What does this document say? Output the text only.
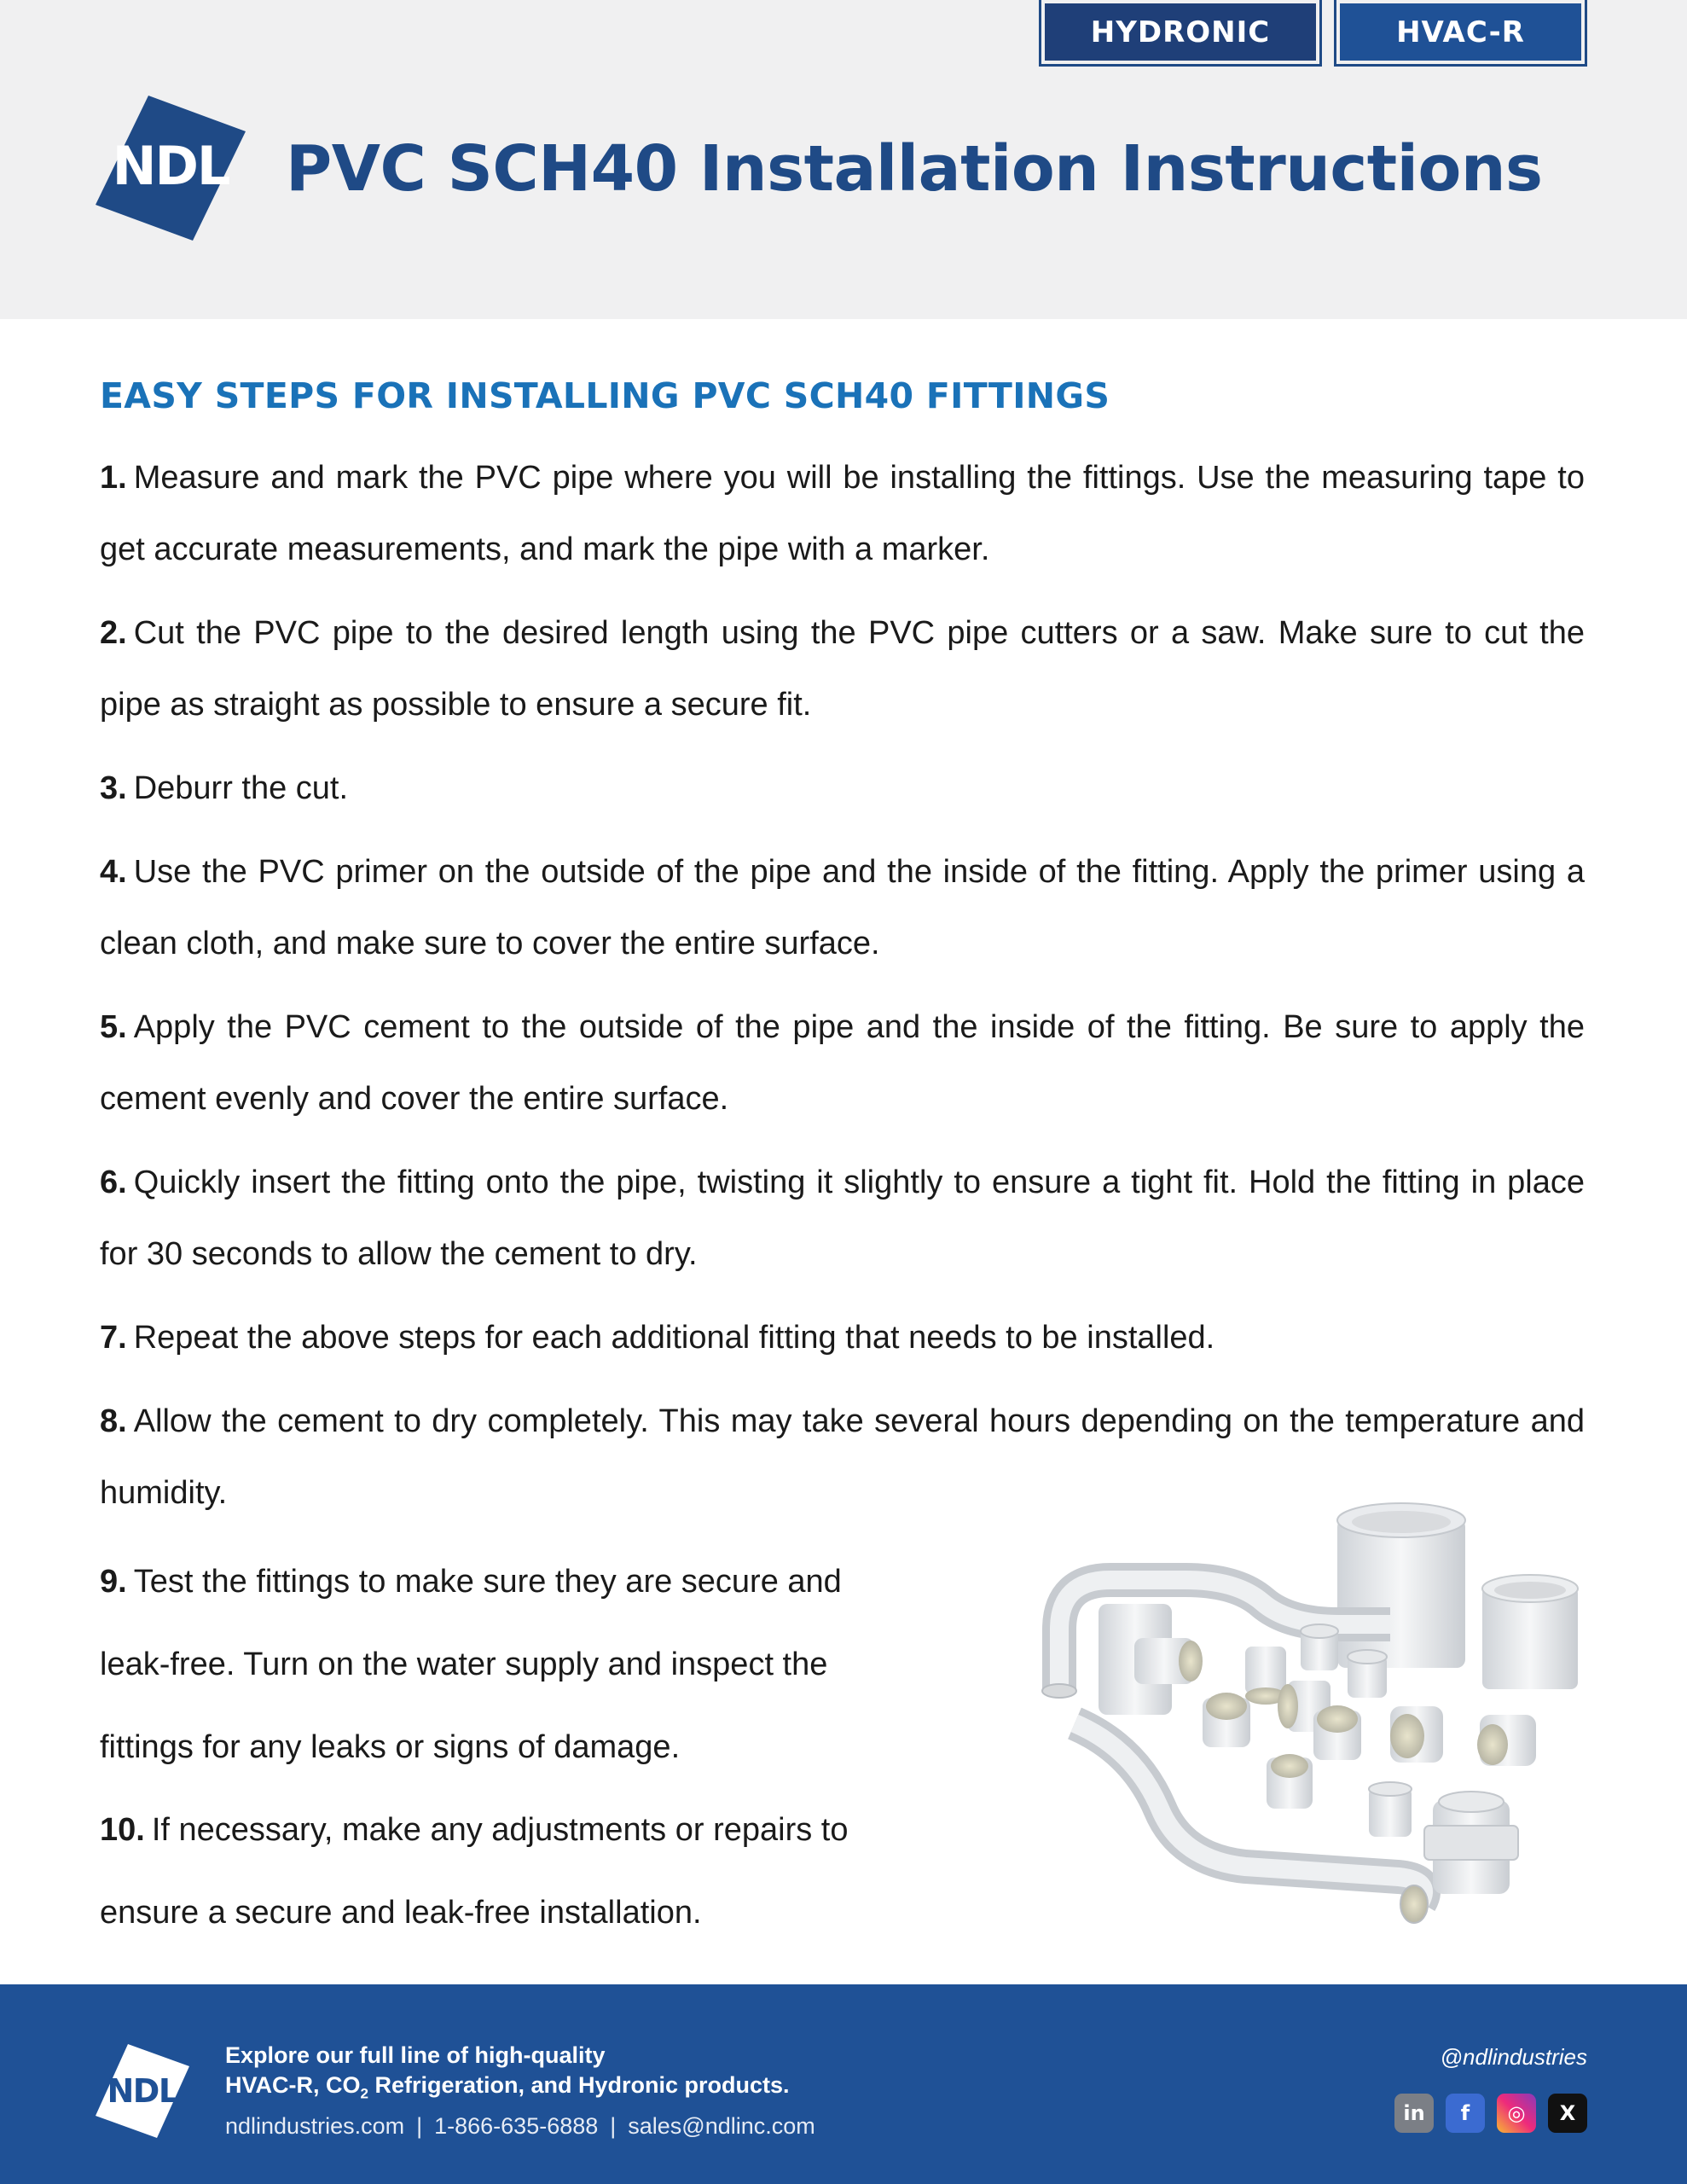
HYDRONIC	HVAC-R
NDL PVC SCH40 Installation Instructions
EASY STEPS FOR INSTALLING PVC SCH40 FITTINGS

1. Measure and mark the PVC pipe where you will be installing the fittings. Use the measuring tape to get accurate measurements, and mark the pipe with a marker.

2. Cut the PVC pipe to the desired length using the PVC pipe cutters or a saw. Make sure to cut the pipe as straight as possible to ensure a secure fit.

3. Deburr the cut.

4. Use the PVC primer on the outside of the pipe and the inside of the fitting. Apply the primer using a clean cloth, and make sure to cover the entire surface.

5. Apply the PVC cement to the outside of the pipe and the inside of the fitting. Be sure to apply the cement evenly and cover the entire surface.

6. Quickly insert the fitting onto the pipe, twisting it slightly to ensure a tight fit. Hold the fitting in place for 30 seconds to allow the cement to dry.

7. Repeat the above steps for each additional fitting that needs to be installed.

8. Allow the cement to dry completely. This may take several hours depending on the temperature and humidity.

9. Test the fittings to make sure they are secure and leak-free. Turn on the water supply and inspect the fittings for any leaks or signs of damage.

10. If necessary, make any adjustments or repairs to ensure a secure and leak-free installation.

NDL
Explore our full line of high-quality
HVAC-R, $CO_2$ Refrigeration, and Hydronic products.
ndlindustries.com | 1-866-635-6888 | sales@ndlinc.com
@ndlindustries
in	f	◎	X
